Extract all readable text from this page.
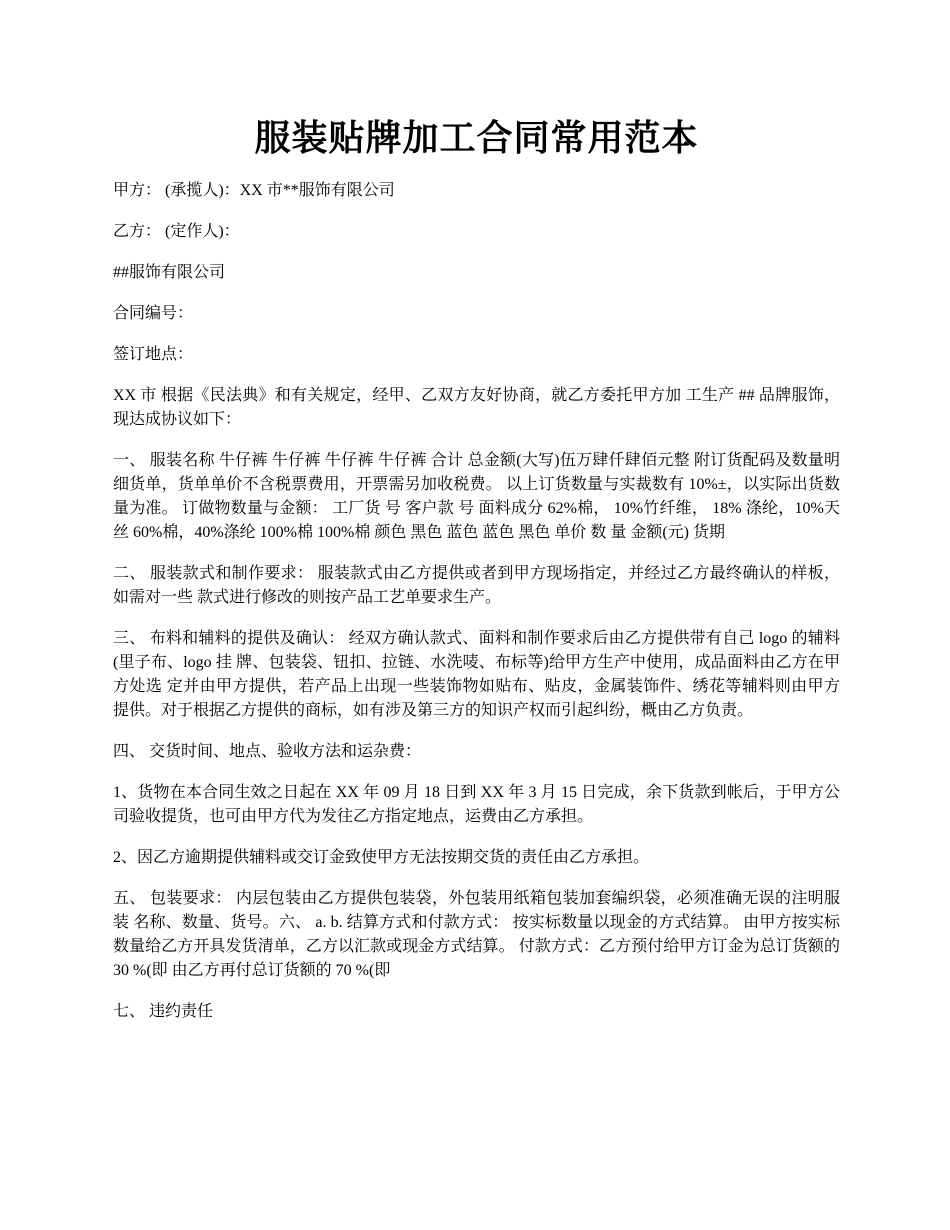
服装贴牌加工合同常用范本

甲方： (承揽人)：XX 市**服饰有限公司

乙方： (定作人)：

##服饰有限公司

合同编号：

签订地点：

XX 市 根据《民法典》和有关规定，经甲、乙双方友好协商，就乙方委托甲方加 工生产 ## 品牌服饰，现达成协议如下：

一、 服装名称 牛仔裤 牛仔裤 牛仔裤 牛仔裤 合计 总金额(大写)伍万肆仟肆佰元整 附订货配码及数量明细货单，货单单价不含税票费用，开票需另加收税费。 以上订货数量与实裁数有 10%±，以实际出货数量为准。 订做物数量与金额： 工厂货 号 客户款 号 面料成分 62%棉， 10%竹纤维， 18% 涤纶，10%天丝 60%棉，40%涤纶 100%棉 100%棉 颜色 黑色 蓝色 蓝色 黑色 单价 数 量 金额(元) 货期

二、 服装款式和制作要求： 服装款式由乙方提供或者到甲方现场指定，并经过乙方最终确认的样板，如需对一些 款式进行修改的则按产品工艺单要求生产。

三、 布料和辅料的提供及确认： 经双方确认款式、面料和制作要求后由乙方提供带有自己 logo 的辅料(里子布、logo 挂 牌、包装袋、钮扣、拉链、水洗唛、布标等)给甲方生产中使用，成品面料由乙方在甲方处选 定并由甲方提供，若产品上出现一些装饰物如贴布、贴皮，金属装饰件、绣花等辅料则由甲方 提供。对于根据乙方提供的商标，如有涉及第三方的知识产权而引起纠纷，概由乙方负责。

四、 交货时间、地点、验收方法和运杂费：

1、货物在本合同生效之日起在 XX 年 09 月 18 日到 XX 年 3 月 15 日完成，余下货款到帐后，于甲方公司验收提货，也可由甲方代为发往乙方指定地点，运费由乙方承担。

2、因乙方逾期提供辅料或交订金致使甲方无法按期交货的责任由乙方承担。

五、 包装要求： 内层包装由乙方提供包装袋，外包装用纸箱包装加套编织袋，必须准确无误的注明服装 名称、数量、货号。六、 a. b. 结算方式和付款方式： 按实标数量以现金的方式结算。 由甲方按实标数量给乙方开具发货清单，乙方以汇款或现金方式结算。 付款方式：乙方预付给甲方订金为总订货额的 30 %(即 由乙方再付总订货额的 70 %(即

七、 违约责任
